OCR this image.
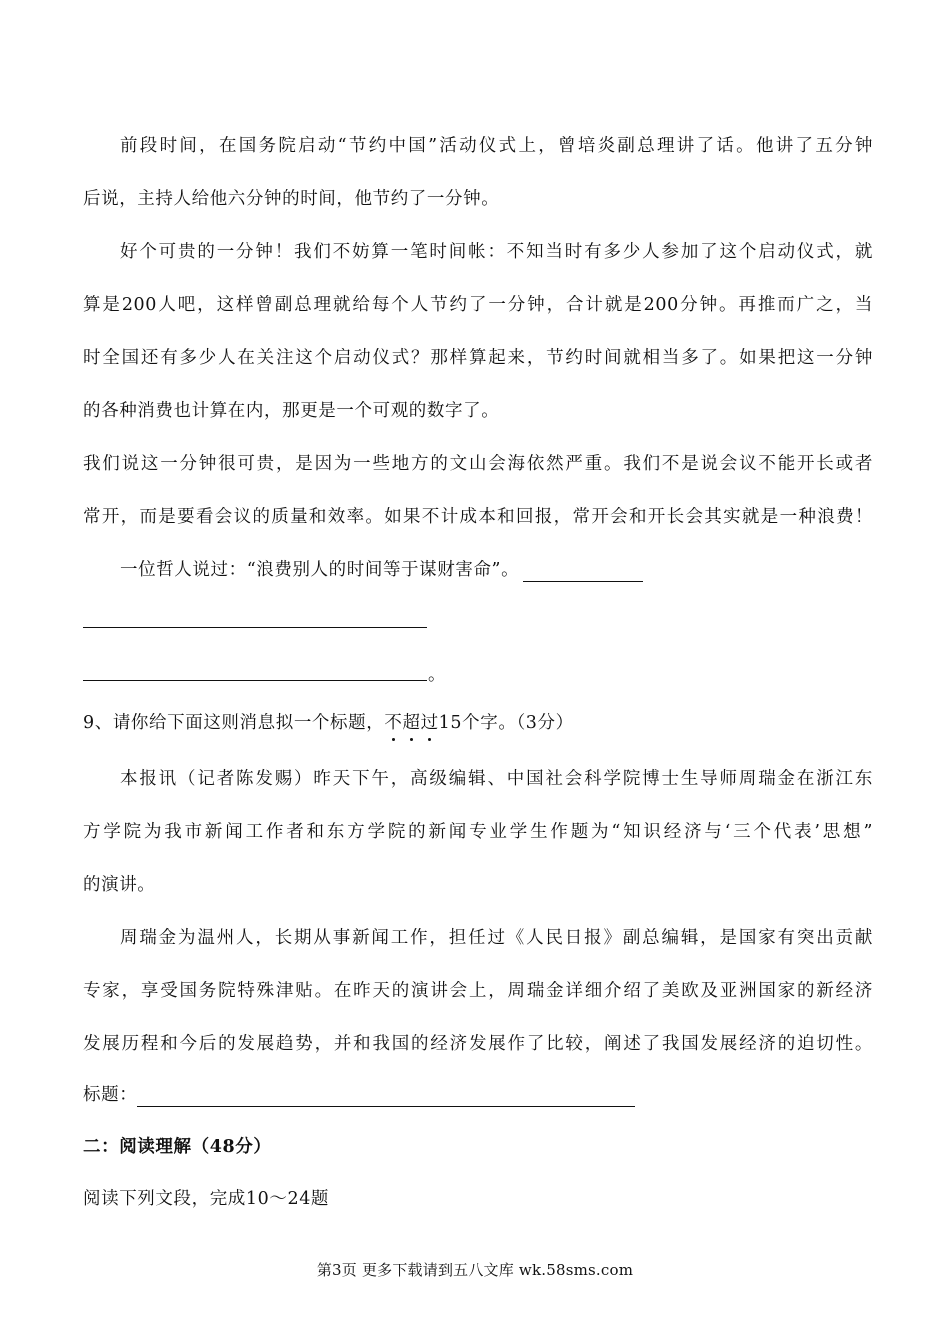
前段时间，在国务院启动“节约中国”活动仪式上，曾培炎副总理讲了话。他讲了五分钟
后说，主持人给他六分钟的时间，他节约了一分钟。
好个可贵的一分钟！我们不妨算一笔时间帐：不知当时有多少人参加了这个启动仪式，就
算是200人吧，这样曾副总理就给每个人节约了一分钟，合计就是200分钟。再推而广之，当
时全国还有多少人在关注这个启动仪式？那样算起来，节约时间就相当多了。如果把这一分钟
的各种消费也计算在内，那更是一个可观的数字了。
我们说这一分钟很可贵，是因为一些地方的文山会海依然严重。我们不是说会议不能开长或者
常开，而是要看会议的质量和效率。如果不计成本和回报，常开会和开长会其实就是一种浪费！
一位哲人说过：“浪费别人的时间等于谋财害命”。
。
9、请你给下面这则消息拟一个标题，不超过15个字。（3分）
本报讯（记者陈发赐）昨天下午，高级编辑、中国社会科学院博士生导师周瑞金在浙江东
方学院为我市新闻工作者和东方学院的新闻专业学生作题为“知识经济与‘三个代表’思想”
的演讲。
周瑞金为温州人，长期从事新闻工作，担任过《人民日报》副总编辑，是国家有突出贡献
专家，享受国务院特殊津贴。在昨天的演讲会上，周瑞金详细介绍了美欧及亚洲国家的新经济
发展历程和今后的发展趋势，并和我国的经济发展作了比较，阐述了我国发展经济的迫切性。
标题：
二：阅读理解（48分）
阅读下列文段，完成10～24题
第3页 更多下载请到五八文库 wk.58sms.com
